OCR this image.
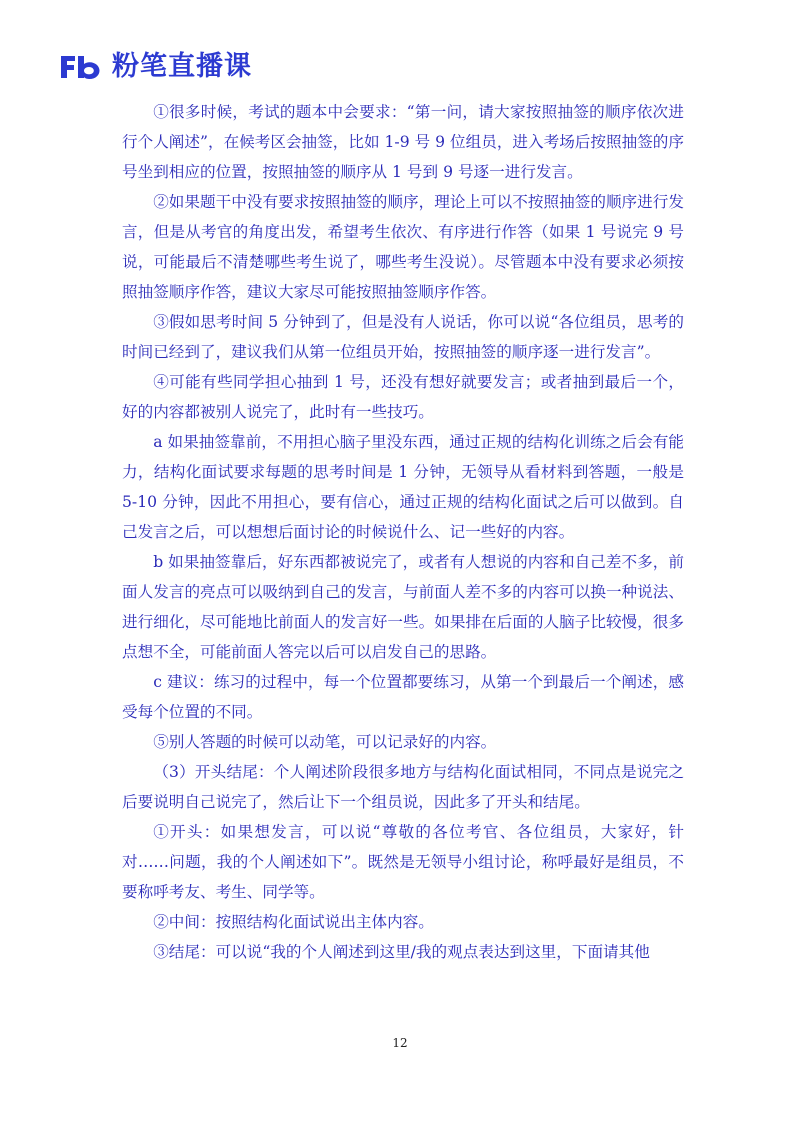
粉笔直播课

①很多时候，考试的题本中会要求：“第一问，请大家按照抽签的顺序依次进行个人阐述”，在候考区会抽签，比如 1-9 号 9 位组员，进入考场后按照抽签的序号坐到相应的位置，按照抽签的顺序从 1 号到 9 号逐一进行发言。

②如果题干中没有要求按照抽签的顺序，理论上可以不按照抽签的顺序进行发言，但是从考官的角度出发，希望考生依次、有序进行作答（如果 1 号说完 9 号说，可能最后不清楚哪些考生说了，哪些考生没说）。尽管题本中没有要求必须按照抽签顺序作答，建议大家尽可能按照抽签顺序作答。

③假如思考时间 5 分钟到了，但是没有人说话，你可以说“各位组员，思考的时间已经到了，建议我们从第一位组员开始，按照抽签的顺序逐一进行发言”。

④可能有些同学担心抽到 1 号，还没有想好就要发言；或者抽到最后一个，好的内容都被别人说完了，此时有一些技巧。

a 如果抽签靠前，不用担心脑子里没东西，通过正规的结构化训练之后会有能力，结构化面试要求每题的思考时间是 1 分钟，无领导从看材料到答题，一般是 5-10 分钟，因此不用担心，要有信心，通过正规的结构化面试之后可以做到。自己发言之后，可以想想后面讨论的时候说什么、记一些好的内容。

b 如果抽签靠后，好东西都被说完了，或者有人想说的内容和自己差不多，前面人发言的亮点可以吸纳到自己的发言，与前面人差不多的内容可以换一种说法、进行细化，尽可能地比前面人的发言好一些。如果排在后面的人脑子比较慢，很多点想不全，可能前面人答完以后可以启发自己的思路。

c 建议：练习的过程中，每一个位置都要练习，从第一个到最后一个阐述，感受每个位置的不同。

⑤别人答题的时候可以动笔，可以记录好的内容。

（3）开头结尾：个人阐述阶段很多地方与结构化面试相同，不同点是说完之后要说明自己说完了，然后让下一个组员说，因此多了开头和结尾。

①开头：如果想发言，可以说“尊敬的各位考官、各位组员，大家好，针对……问题，我的个人阐述如下”。既然是无领导小组讨论，称呼最好是组员，不要称呼考友、考生、同学等。

②中间：按照结构化面试说出主体内容。

③结尾：可以说“我的个人阐述到这里/我的观点表达到这里，下面请其他

12
